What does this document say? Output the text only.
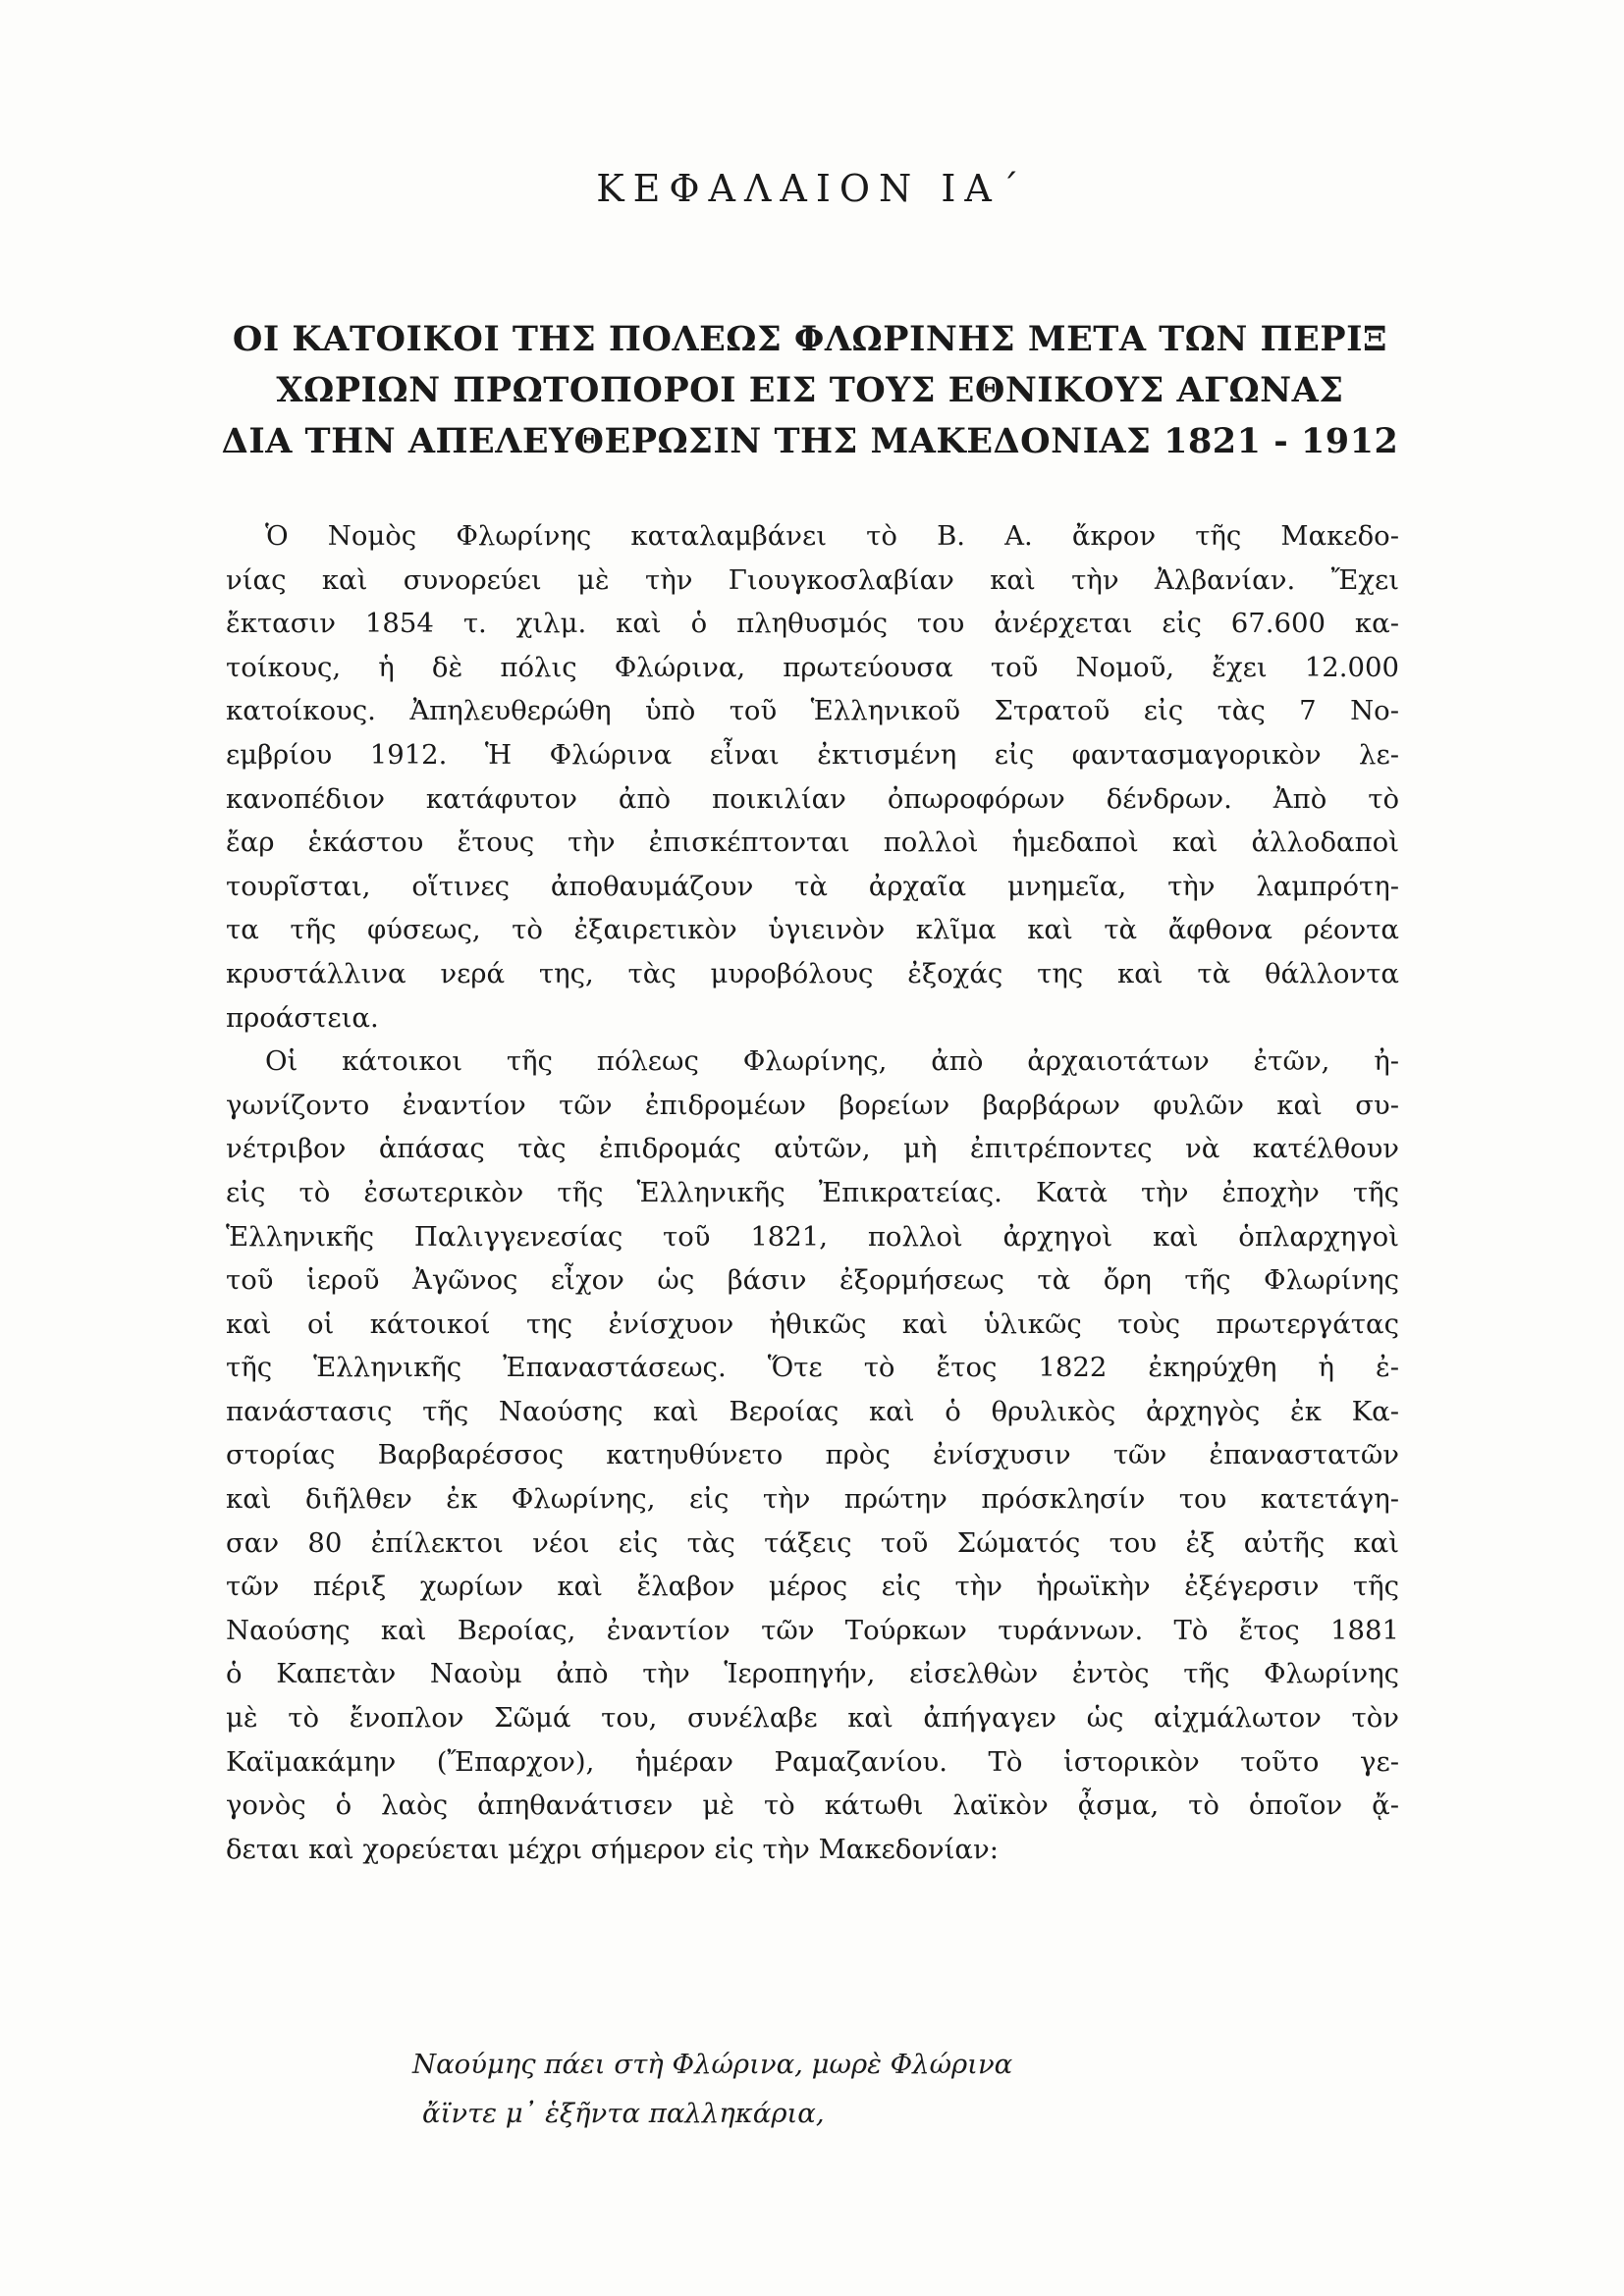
ΚΕΦΑΛΑΙΟΝ ΙΑ΄
ΟΙ ΚΑΤΟΙΚΟΙ ΤΗΣ ΠΟΛΕΩΣ ΦΛΩΡΙΝΗΣ ΜΕΤΑ ΤΩΝ ΠΕΡΙΞ
ΧΩΡΙΩΝ ΠΡΩΤΟΠΟΡΟΙ ΕΙΣ ΤΟΥΣ ΕΘΝΙΚΟΥΣ ΑΓΩΝΑΣ
ΔΙΑ ΤΗΝ ΑΠΕΛΕΥΘΕΡΩΣΙΝ ΤΗΣ ΜΑΚΕΔΟΝΙΑΣ 1821 - 1912
Ὁ Νομὸς Φλωρίνης καταλαμβάνει τὸ Β. Α. ἄκρον τῆς Μακεδο-
νίας καὶ συνορεύει μὲ τὴν Γιουγκοσλαβίαν καὶ τὴν Ἀλβανίαν. Ἔχει
ἔκτασιν 1854 τ. χιλμ. καὶ ὁ πληθυσμός του ἀνέρχεται εἰς 67.600 κα-
τοίκους, ἡ δὲ πόλις Φλώρινα, πρωτεύουσα τοῦ Νομοῦ, ἔχει 12.000
κατοίκους. Ἀπηλευθερώθη ὑπὸ τοῦ Ἑλληνικοῦ Στρατοῦ εἰς τὰς 7 Νο-
εμβρίου 1912. Ἡ Φλώρινα εἶναι ἐκτισμένη εἰς φαντασμαγορικὸν λε-
κανοπέδιον κατάφυτον ἀπὸ ποικιλίαν ὀπωροφόρων δένδρων. Ἀπὸ τὸ
ἔαρ ἑκάστου ἔτους τὴν ἐπισκέπτονται πολλοὶ ἡμεδαποὶ καὶ ἀλλοδαποὶ
τουρῖσται, οἵτινες ἀποθαυμάζουν τὰ ἀρχαῖα μνημεῖα, τὴν λαμπρότη-
τα τῆς φύσεως, τὸ ἐξαιρετικὸν ὑγιεινὸν κλῖμα καὶ τὰ ἄφθονα ρέοντα
κρυστάλλινα νερά της, τὰς μυροβόλους ἐξοχάς της καὶ τὰ θάλλοντα
προάστεια.
Οἱ κάτοικοι τῆς πόλεως Φλωρίνης, ἀπὸ ἀρχαιοτάτων ἐτῶν, ἠ-
γωνίζοντο ἐναντίον τῶν ἐπιδρομέων βορείων βαρβάρων φυλῶν καὶ συ-
νέτριβον ἁπάσας τὰς ἐπιδρομάς αὐτῶν, μὴ ἐπιτρέποντες νὰ κατέλθουν
εἰς τὸ ἐσωτερικὸν τῆς Ἑλληνικῆς Ἐπικρατείας. Κατὰ τὴν ἐποχὴν τῆς
Ἑλληνικῆς Παλιγγενεσίας τοῦ 1821, πολλοὶ ἀρχηγοὶ καὶ ὁπλαρχηγοὶ
τοῦ ἱεροῦ Ἀγῶνος εἶχον ὡς βάσιν ἐξορμήσεως τὰ ὄρη τῆς Φλωρίνης
καὶ οἱ κάτοικοί της ἐνίσχυον ἠθικῶς καὶ ὑλικῶς τοὺς πρωτεργάτας
τῆς Ἑλληνικῆς Ἐπαναστάσεως. Ὅτε τὸ ἔτος 1822 ἐκηρύχθη ἡ ἐ-
πανάστασις τῆς Ναούσης καὶ Βεροίας καὶ ὁ θρυλικὸς ἀρχηγὸς ἐκ Κα-
στορίας Βαρβαρέσσος κατηυθύνετο πρὸς ἐνίσχυσιν τῶν ἐπαναστατῶν
καὶ διῆλθεν ἐκ Φλωρίνης, εἰς τὴν πρώτην πρόσκλησίν του κατετάγη-
σαν 80 ἐπίλεκτοι νέοι εἰς τὰς τάξεις τοῦ Σώματός του ἐξ αὐτῆς καὶ
τῶν πέριξ χωρίων καὶ ἔλαβον μέρος εἰς τὴν ἡρωϊκὴν ἐξέγερσιν τῆς
Ναούσης καὶ Βεροίας, ἐναντίον τῶν Τούρκων τυράννων. Τὸ ἔτος 1881
ὁ Καπετὰν Ναοὺμ ἀπὸ τὴν Ἱεροπηγήν, εἰσελθὼν ἐντὸς τῆς Φλωρίνης
μὲ τὸ ἔνοπλον Σῶμά του, συνέλαβε καὶ ἀπήγαγεν ὡς αἰχμάλωτον τὸν
Καϊμακάμην (Ἔπαρχον), ἡμέραν Ραμαζανίου. Τὸ ἱστορικὸν τοῦτο γε-
γονὸς ὁ λαὸς ἀπηθανάτισεν μὲ τὸ κάτωθι λαϊκὸν ᾆσμα, τὸ ὁποῖον ᾄ-
δεται καὶ χορεύεται μέχρι σήμερον εἰς τὴν Μακεδονίαν:
Ναούμης πάει στὴ Φλώρινα, μωρὲ Φλώρινα
ἄϊντε μ᾽ ἑξῆντα παλληκάρια,
